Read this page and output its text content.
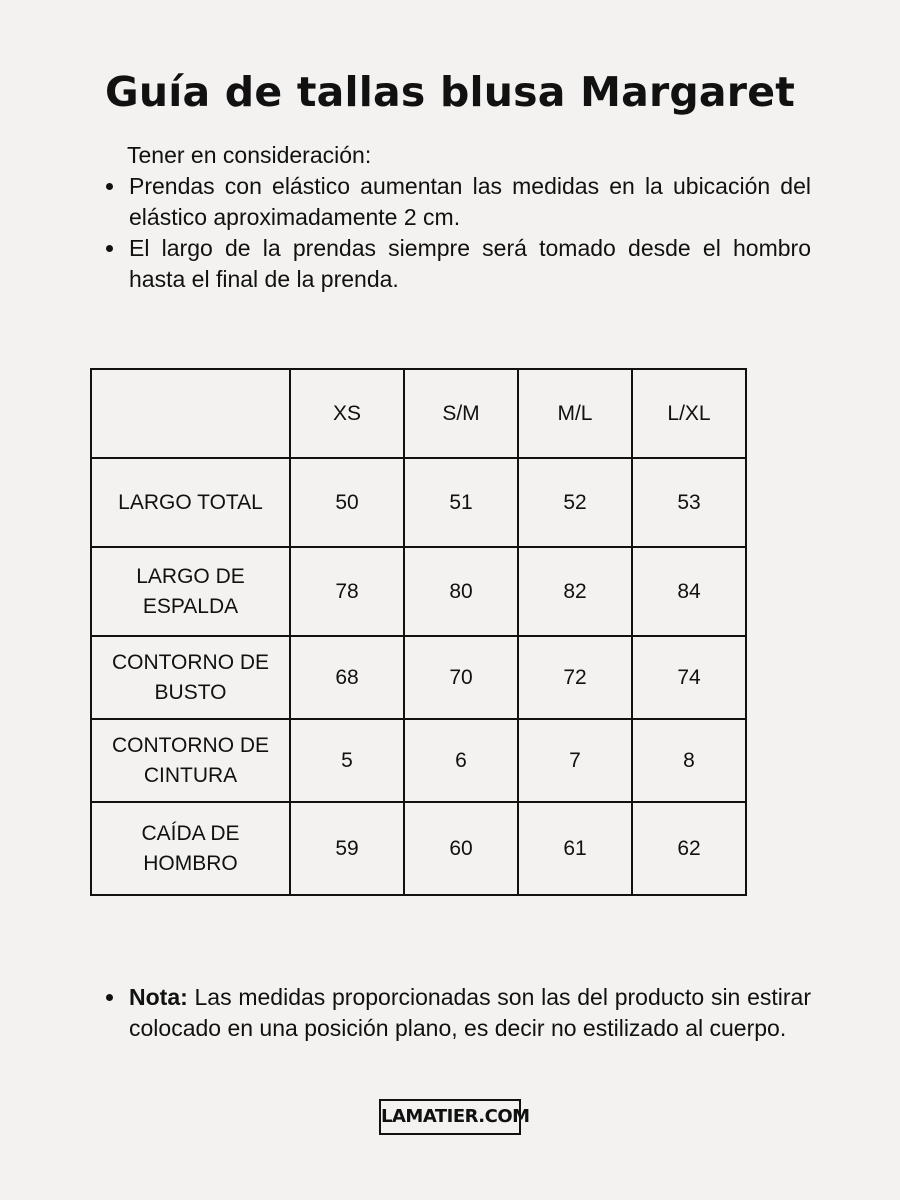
Guía de tallas blusa Margaret

Tener en consideración:

Prendas con elástico aumentan las medidas en la ubicación del elástico aproximadamente 2 cm.
El largo de la prendas siempre será tomado desde el hombro hasta el final de la prenda.
	XS	S/M	M/L	L/XL
LARGO TOTAL	50	51	52	53
LARGO DE ESPALDA	78	80	82	84
CONTORNO DE BUSTO	68	70	72	74
CONTORNO DE CINTURA	5	6	7	8
CAÍDA DE HOMBRO	59	60	61	62
Nota: Las medidas proporcionadas son las del producto sin estirar colocado en una posición plano, es decir no estilizado al cuerpo.
LAMATIER.COM
